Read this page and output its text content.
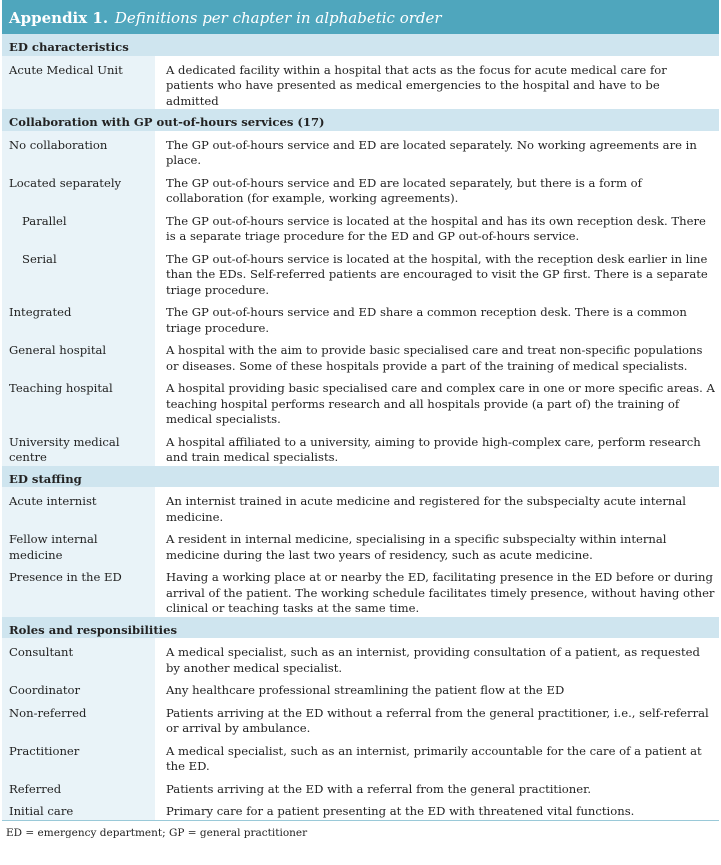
Appendix 1. Definitions per chapter in alphabetic order
ED characteristics	
Acute Medical Unit	A dedicated facility within a hospital that acts as the focus for acute medical care for patients who have presented as medical emergencies to the hospital and have to be admitted
Collaboration with GP out-of-hours services (17)	
No collaboration	The GP out-of-hours service and ED are located separately. No working agreements are in place.
Located separately	The GP out-of-hours service and ED are located separately, but there is a form of collaboration (for example, working agreements).
Parallel	The GP out-of-hours service is located at the hospital and has its own reception desk. There is a separate triage procedure for the ED and GP out-of-hours service.
Serial	The GP out-of-hours service is located at the hospital, with the reception desk earlier in line than the EDs. Self-referred patients are encouraged to visit the GP first. There is a separate triage procedure.
Integrated	The GP out-of-hours service and ED share a common reception desk. There is a common triage procedure.
General hospital	A hospital with the aim to provide basic specialised care and treat non-specific populations or diseases. Some of these hospitals provide a part of the training of medical specialists.
Teaching hospital	A hospital providing basic specialised care and complex care in one or more specific areas. A teaching hospital performs research and all hospitals provide (a part of) the training of medical specialists.
University medical centre	A hospital affiliated to a university, aiming to provide high-complex care, perform research and train medical specialists.
ED staffing	
Acute internist	An internist trained in acute medicine and registered for the subspecialty acute internal medicine.
Fellow internal medicine	A resident in internal medicine, specialising in a specific subspecialty within internal medicine during the last two years of residency, such as acute medicine.
Presence in the ED	Having a working place at or nearby the ED, facilitating presence in the ED before or during arrival of the patient. The working schedule facilitates timely presence, without having other clinical or teaching tasks at the same time.
Roles and responsibilities	
Consultant	A medical specialist, such as an internist, providing consultation of a patient, as requested by another medical specialist.
Coordinator	Any healthcare professional streamlining the patient flow at the ED
Non-referred	Patients arriving at the ED without a referral from the general practitioner, i.e., self-referral or arrival by ambulance.
Practitioner	A medical specialist, such as an internist, primarily accountable for the care of a patient at the ED.
Referred	Patients arriving at the ED with a referral from the general practitioner.
Initial care	Primary care for a patient presenting at the ED with threatened vital functions.
ED = emergency department; GP = general practitioner
